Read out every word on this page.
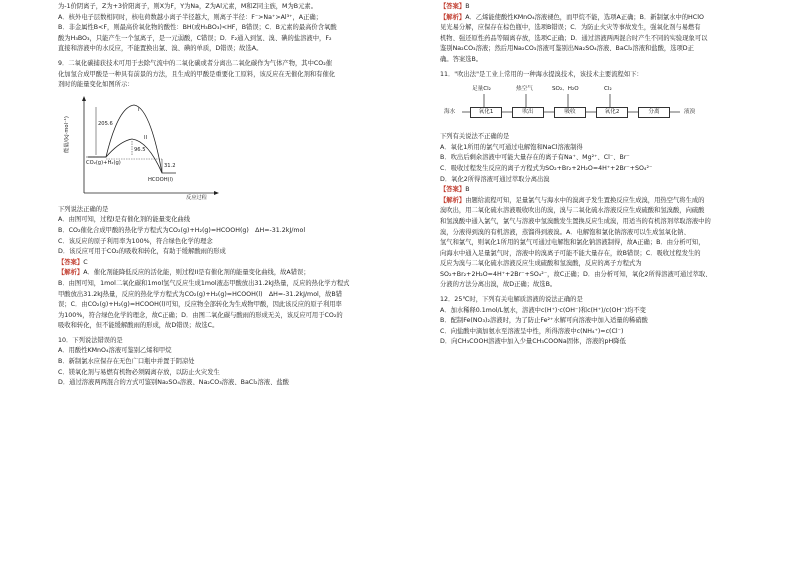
为-1价阴离子，Z为+3价阳离子，则X为F，Y为Na，Z为Al元素，M和Z同主族，M为B元素。
A．核外电子层数相同时，核电荷数越小离子半径越大，则离子半径：F⁻>Na⁺>Al³⁺，A正确；
B．非金属性B<F，则最高价氧化物的酸性：BH(或H₃BO₃)<HF，B错误；C．B元素的最高价含氧酸
酸为H₃BO₃，只能产生一个氢离子，是一元弱酸，C错误；D．F₂通入到氢、溴、碘的盐溶液中，F₂
直接和溶液中的水反应，不能置换出氯、溴、碘的单质，D错误；故选A。
9．二氧化碳捕获技术可用于去除气流中的二氧化碳或者分离出二氧化碳作为气体产物，其中CO₂催
化加氢合成甲酸是一种具有前景的方法，且生成的甲酸是重要化工原料，该反应在无催化剂和有催化
剂时的能量变化如图所示：
能量/(kJ·mol⁻¹)	205.6
96.5
31.2
I
II
CO₂(g)+H₂(g)
HCOOH(l)
反应过程
下列说法正确的是
A．由图可知，过程I是有催化剂的能量变化曲线
B．CO₂催化合成甲酸的热化学方程式为CO₂(g)+H₂(g)=HCOOH(g)　ΔH=-31.2kJ/mol
C．该反应的原子利用率为100%，符合绿色化学的理念
D．该反应可用于CO₂的吸收和转化，有助于缓解酸雨的形成
【答案】C
【解析】A．催化剂能降低反应的活化能，则过程II是有催化剂的能量变化曲线，故A错误；
B．由图可知，1mol二氧化碳和1mol氢气反应生成1mol液态甲酸放出31.2kJ热量，反应的热化学方程式
甲酸放出31.2kJ热量，反应的热化学方程式为CO₂(g)+H₂(g)=HCOOH(l)　ΔH=-31.2kJ/mol，故B错
误；C．由CO₂(g)+H₂(g)=HCOOH(l)可知，反应物全部转化为生成物甲酸，因此该反应的原子利用率
为100%，符合绿色化学的理念，故C正确；D．由图二氧化碳与酸雨的形成无关，该反应可用于CO₂的
吸收和转化，但不能缓解酸雨的形成，故D错误；故选C。
10．下列说法错误的是
A．用酸性KMnO₄溶液可鉴别乙烯和甲烷
B．新制氯水应保存在无色广口瓶中并置于阴凉处
C．镁氧化剂与易燃有机物必须隔离存放，以防止火灾发生
D．通过溶液两两混合的方式可鉴别Na₂SO₄溶液、Na₂CO₃溶液、BaCl₂溶液、盐酸
【答案】B
【解析】A．乙烯能使酸性KMnO₄溶液褪色，而甲烷不能，选项A正确；B．新制氯水中的HClO
见光易分解，应保存在棕色瓶中，选项B错误；C．为防止火灾等事故发生，强氧化剂与易燃有
机物、强还原性药品等隔离存放，选项C正确；D．通过溶液两两混合时产生不同的实验现象可以
鉴别Na₂CO₃溶液；然后用Na₂CO₃溶液可鉴别出Na₂SO₄溶液、BaCl₂溶液和盐酸，选项D正
确。答案选B。
11．"吹出法"是工业上常用的一种海水提溴技术，该技术主要流程如下：
足量Cl₂	热空气	SO₂、H₂O	Cl₂
海水	氧化1	吹出	吸收	氧化2	分离	液溴
下列有关说法不正确的是
A．氧化1所用的氯气可通过电解饱和NaCl溶液制得
B．吹出后剩余溶液中可能大量存在的离子有Na⁺、Mg²⁺、Cl⁻、Br⁻
C．吸收过程发生反应的离子方程式为SO₂+Br₂+2H₂O=4H⁺+2Br⁻+SO₄²⁻
D．氧化2所得溶液可通过萃取分离出溴
【答案】B
【解析】由题给流程可知，足量氯气与海水中的溴离子发生置换反应生成溴，用热空气将生成的
溴吹出，用二氧化硫水溶液吸收吹出的溴，溴与二氧化硫水溶液反应生成硫酸和氢溴酸，向硫酸
和氢溴酸中通入氯气，氯气与溶液中氢溴酸发生置换反应生成溴，用适当的有机溶剂萃取溶液中的
溴，分液得到溴的有机溶液，蒸馏得到液溴。A．电解饱和氯化钠溶液可以生成氢氧化钠、
氢气和氯气，则氧化1所用的氯气可通过电解饱和氯化钠溶液制得，故A正确；B．由分析可知，
向海水中通入足量氯气时，溶液中的溴离子可能不能大量存在，故B错误；C．吸收过程发生的
反应为溴与二氧化硫水溶液反应生成硫酸和氢溴酸，反应的离子方程式为
SO₂+Br₂+2H₂O=4H⁺+2Br⁻+SO₄²⁻，故C正确；D．由分析可知，氧化2所得溶液可通过萃取、
分液的方法分离出溴，故D正确；故选B。
12．25℃时，下列有关电解质溶液的说法正确的是
A．加水稀释0.1mol/L氨水，溶液中c(H⁺)·c(OH⁻)和c(H⁺)/c(OH⁻)均不变
B．配制Fe(NO₃)₂溶液时，为了防止Fe²⁺水解可向溶液中加入适量的稀硝酸
C．向盐酸中滴加氨水至溶液呈中性，所得溶液中c(NH₄⁺)=c(Cl⁻)
D．向CH₃COOH溶液中加入少量CH₃COONa固体，溶液的pH降低
